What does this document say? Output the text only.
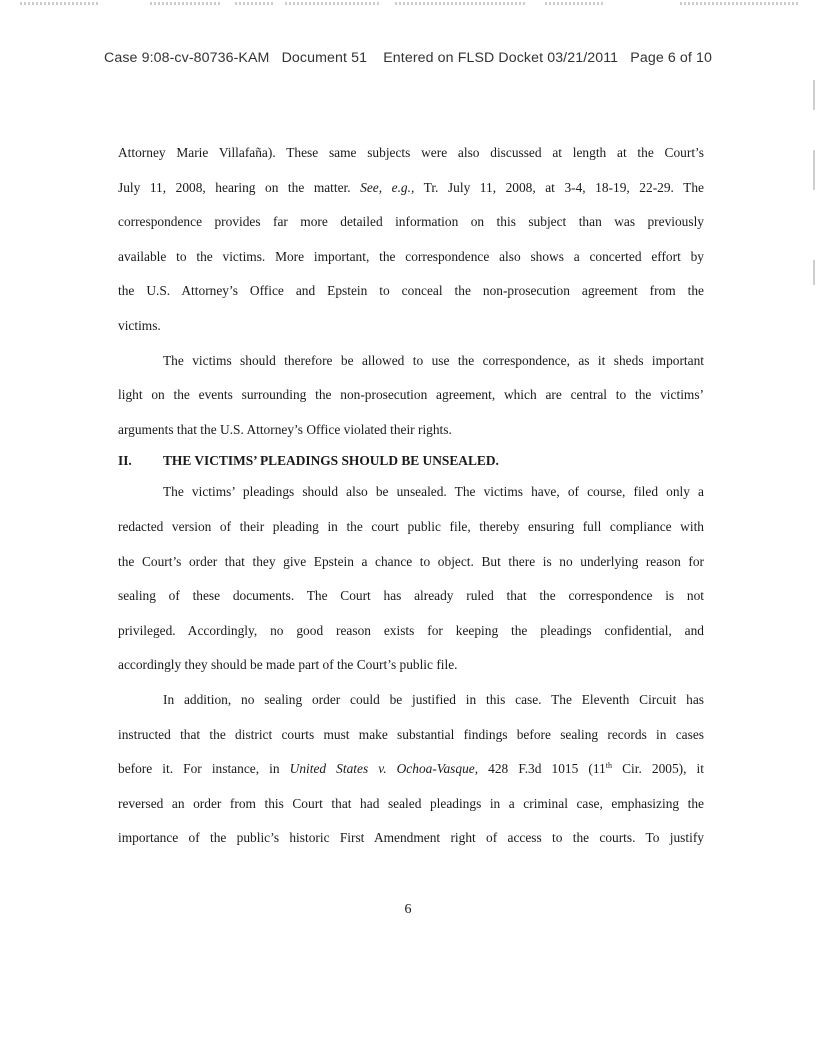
Case 9:08-cv-80736-KAM   Document 51    Entered on FLSD Docket 03/21/2011   Page 6 of 10
Attorney Marie Villafaña). These same subjects were also discussed at length at the Court’s
July 11, 2008, hearing on the matter. See, e.g., Tr. July 11, 2008, at 3-4, 18-19, 22-29. The
correspondence provides far more detailed information on this subject than was previously
available to the victims. More important, the correspondence also shows a concerted effort by
the U.S. Attorney’s Office and Epstein to conceal the non-prosecution agreement from the
victims.
The victims should therefore be allowed to use the correspondence, as it sheds important
light on the events surrounding the non-prosecution agreement, which are central to the victims’
arguments that the U.S. Attorney’s Office violated their rights.
II. THE VICTIMS’ PLEADINGS SHOULD BE UNSEALED.
The victims’ pleadings should also be unsealed. The victims have, of course, filed only a
redacted version of their pleading in the court public file, thereby ensuring full compliance with
the Court’s order that they give Epstein a chance to object. But there is no underlying reason for
sealing of these documents. The Court has already ruled that the correspondence is not
privileged. Accordingly, no good reason exists for keeping the pleadings confidential, and
accordingly they should be made part of the Court’s public file.
In addition, no sealing order could be justified in this case. The Eleventh Circuit has
instructed that the district courts must make substantial findings before sealing records in cases
before it. For instance, in United States v. Ochoa-Vasque, 428 F.3d 1015 (11th Cir. 2005), it
reversed an order from this Court that had sealed pleadings in a criminal case, emphasizing the
importance of the public’s historic First Amendment right of access to the courts. To justify
6
